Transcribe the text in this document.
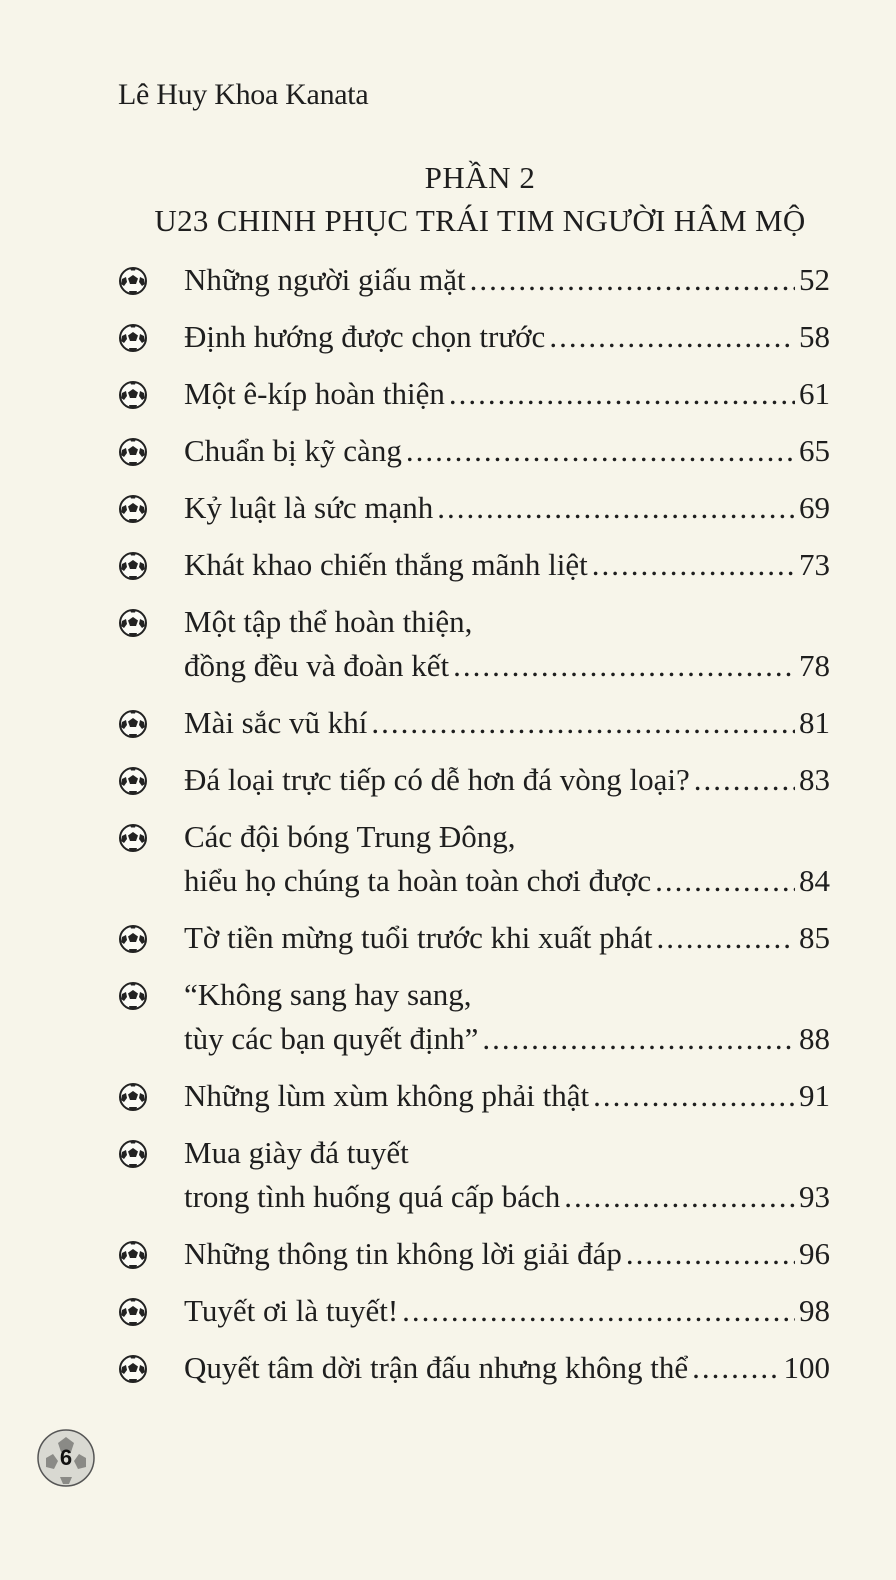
Lê Huy Khoa Kanata
PHẦN 2
U23 CHINH PHỤC TRÁI TIM NGƯỜI HÂM MỘ
Những người giấu mặt .....	52
Định hướng được chọn trước .....	58
Một ê-kíp hoàn thiện .....	61
Chuẩn bị kỹ càng .....	65
Kỷ luật là sức mạnh .....	69
Khát khao chiến thắng mãnh liệt .....	73
Một tập thể hoàn thiện,
đồng đều và đoàn kết .....	78
Mài sắc vũ khí .....	81
Đá loại trực tiếp có dễ hơn đá vòng loại? .....	83
Các đội bóng Trung Đông,
hiểu họ chúng ta hoàn toàn chơi được .....	84
Tờ tiền mừng tuổi trước khi xuất phát .....	85
“Không sang hay sang,
tùy các bạn quyết định” .....	88
Những lùm xùm không phải thật .....	91
Mua giày đá tuyết
trong tình huống quá cấp bách .....	93
Những thông tin không lời giải đáp .....	96
Tuyết ơi là tuyết! .....	98
Quyết tâm dời trận đấu nhưng không thể .....	100
6
